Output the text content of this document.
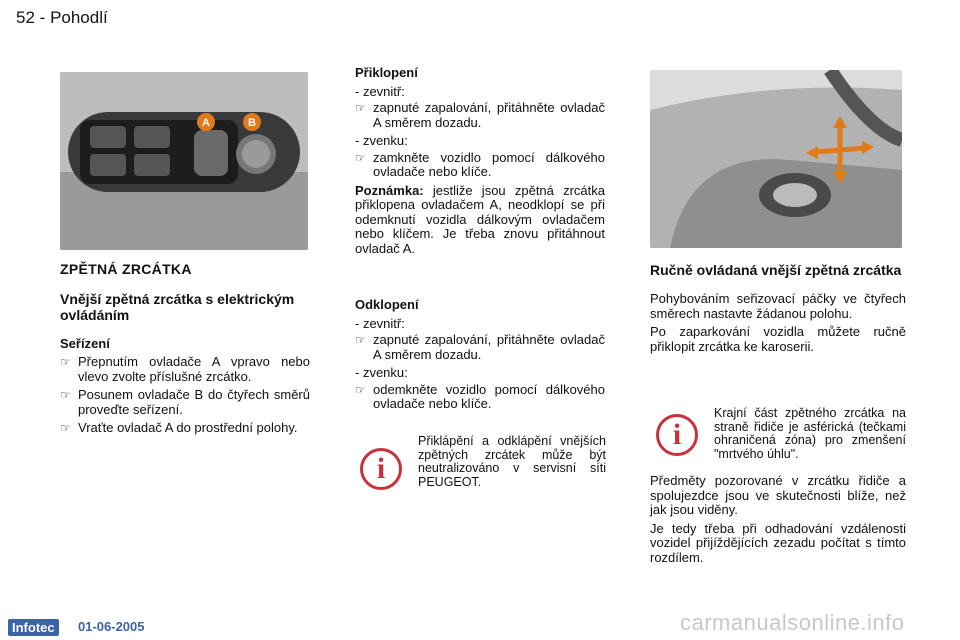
52 - Pohodlí
A	B
ZPĚTNÁ ZRCÁTKA
Vnější zpětná zrcátka s elektrickým ovládáním
Seřízení
☞ Přepnutím ovladače A vpravo nebo vlevo zvolte příslušné zrcátko.
☞ Posunem ovladače B do čtyřech směrů proveďte seřízení.
☞ Vraťte ovladač A do prostřední polohy.
Přiklopení
- zevnitř:
☞ zapnuté zapalování, přitáhněte ovladač A směrem dozadu.
- zvenku:
☞ zamkněte vozidlo pomocí dálkového ovladače nebo klíče.
Poznámka: jestliže jsou zpětná zrcátka přiklopena ovladačem A, neodklopí se při odemknutí vozidla dálkovým ovladačem nebo klíčem. Je třeba znovu přitáhnout ovladač A.
Odklopení
- zevnitř:
☞ zapnuté zapalování, přitáhněte ovladač A směrem dozadu.
- zvenku:
☞ odemkněte vozidlo pomocí dálkového ovladače nebo klíče.
i
Přiklápění a odklápění vnějších zpětných zrcátek může být neutralizováno v servisní síti PEUGEOT.
Ručně ovládaná vnější zpětná zrcátka
Pohybováním seřizovací páčky ve čtyřech směrech nastavte žádanou polohu.
Po zaparkování vozidla můžete ručně přiklopit zrcátka ke karoserii.
i
Krajní část zpětného zrcátka na straně řidiče je asférická (tečkami ohraničená zóna) pro zmenšení "mrtvého úhlu".
Předměty pozorované v zrcátku řidiče a spolujezdce jsou ve skutečnosti blíže, než jak jsou viděny.
Je tedy třeba při odhadování vzdálenosti vozidel přijíždějících zezadu počítat s tímto rozdílem.
Infotec	01-06-2005	carmanualsonline.info
